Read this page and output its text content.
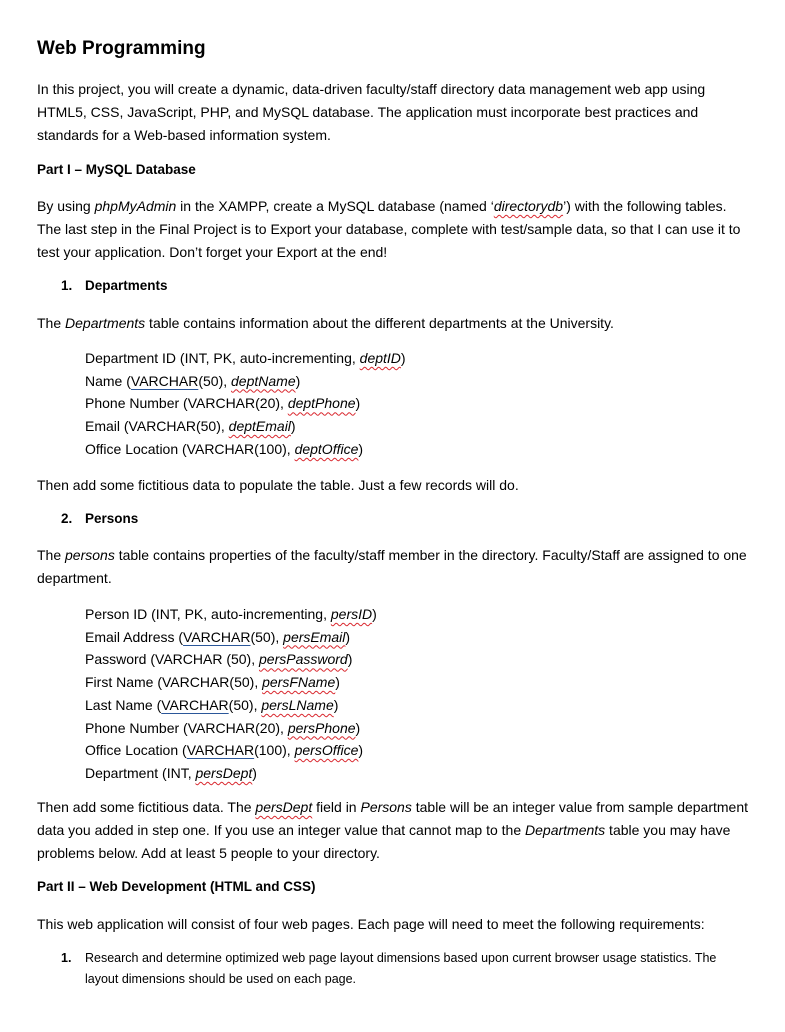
Web Programming

In this project, you will create a dynamic, data-driven faculty/staff directory data management web app using HTML5, CSS, JavaScript, PHP, and MySQL database. The application must incorporate best practices and standards for a Web-based information system.

Part I – MySQL Database

By using phpMyAdmin in the XAMPP, create a MySQL database (named ‘directorydb’) with the following tables. The last step in the Final Project is to Export your database, complete with test/sample data, so that I can use it to test your application. Don’t forget your Export at the end!

1. Departments

The Departments table contains information about the different departments at the University.

Department ID (INT, PK, auto-incrementing, deptID)
Name (VARCHAR(50), deptName)
Phone Number (VARCHAR(20), deptPhone)
Email (VARCHAR(50), deptEmail)
Office Location (VARCHAR(100), deptOffice)

Then add some fictitious data to populate the table. Just a few records will do.

2. Persons

The persons table contains properties of the faculty/staff member in the directory. Faculty/Staff are assigned to one department.

Person ID (INT, PK, auto-incrementing, persID)
Email Address (VARCHAR(50), persEmail)
Password (VARCHAR (50), persPassword)
First Name (VARCHAR(50), persFName)
Last Name (VARCHAR(50), persLName)
Phone Number (VARCHAR(20), persPhone)
Office Location (VARCHAR(100), persOffice)
Department (INT, persDept)

Then add some fictitious data. The persDept field in Persons table will be an integer value from sample department data you added in step one. If you use an integer value that cannot map to the Departments table you may have problems below. Add at least 5 people to your directory.

Part II – Web Development (HTML and CSS)

This web application will consist of four web pages. Each page will need to meet the following requirements:

1.	Research and determine optimized web page layout dimensions based upon current browser usage statistics. The layout dimensions should be used on each page.
